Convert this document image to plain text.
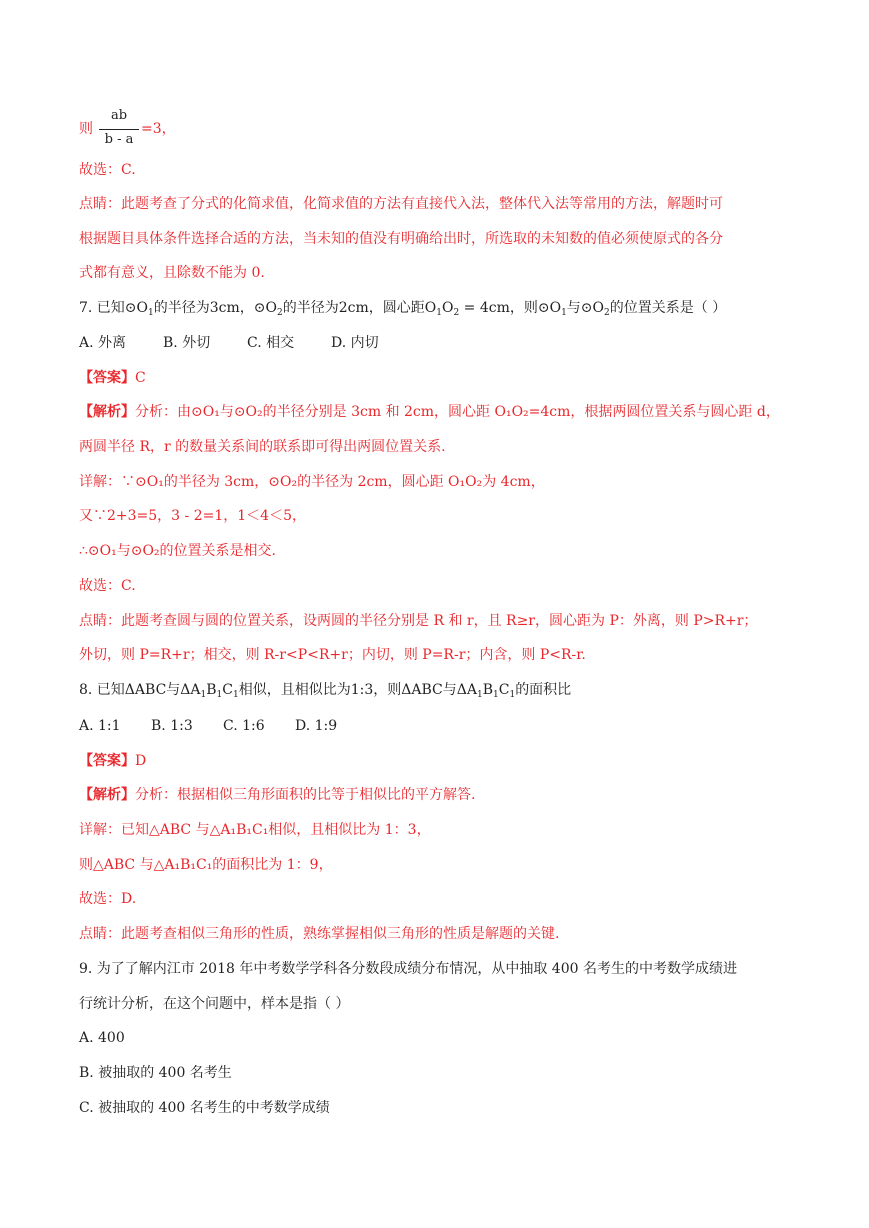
则
ab
b - a
=3，
故选：C.
点睛：此题考查了分式的化简求值，化简求值的方法有直接代入法，整体代入法等常用的方法，解题时可
根据题目具体条件选择合适的方法，当未知的值没有明确给出时，所选取的未知数的值必须使原式的各分
式都有意义，且除数不能为 0.
7. 已知$⊙O_1$的半径为3cm，$⊙O_2$的半径为2cm，圆心距$O_1O_2 = 4cm$，则$⊙O_1$与$⊙O_2$的位置关系是（ ）
A. 外离	B. 外切	C. 相交	D. 内切
【答案】C
【解析】分析：由⊙O₁与⊙O₂的半径分别是 3cm 和 2cm，圆心距 O₁O₂=4cm，根据两圆位置关系与圆心距 d，
两圆半径 R，r 的数量关系间的联系即可得出两圆位置关系.
详解：∵⊙O₁的半径为 3cm，⊙O₂的半径为 2cm，圆心距 O₁O₂为 4cm，
又∵2+3=5，3 - 2=1，1＜4＜5，
∴⊙O₁与⊙O₂的位置关系是相交.
故选：C.
点睛：此题考查圆与圆的位置关系，设两圆的半径分别是 R 和 r，且 R≥r，圆心距为 P：外离，则 P>R+r；
外切，则 P=R+r；相交，则 R-r<P<R+r；内切，则 P=R-r；内含，则 P<R-r.
8. 已知ΔABC与$\Delta A_1B_1C_1$相似，且相似比为1:3，则ΔABC与$\Delta A_1B_1C_1$的面积比
A. 1:1 B. 1:3 C. 1:6 D. 1:9
【答案】D
【解析】分析：根据相似三角形面积的比等于相似比的平方解答.
详解：已知△ABC 与△A₁B₁C₁相似，且相似比为 1：3，
则△ABC 与△A₁B₁C₁的面积比为 1：9，
故选：D.
点睛：此题考查相似三角形的性质，熟练掌握相似三角形的性质是解题的关键.
9. 为了了解内江市 2018 年中考数学学科各分数段成绩分布情况，从中抽取 400 名考生的中考数学成绩进
行统计分析，在这个问题中，样本是指（ ）
A. 400
B. 被抽取的 400 名考生
C. 被抽取的 400 名考生的中考数学成绩
